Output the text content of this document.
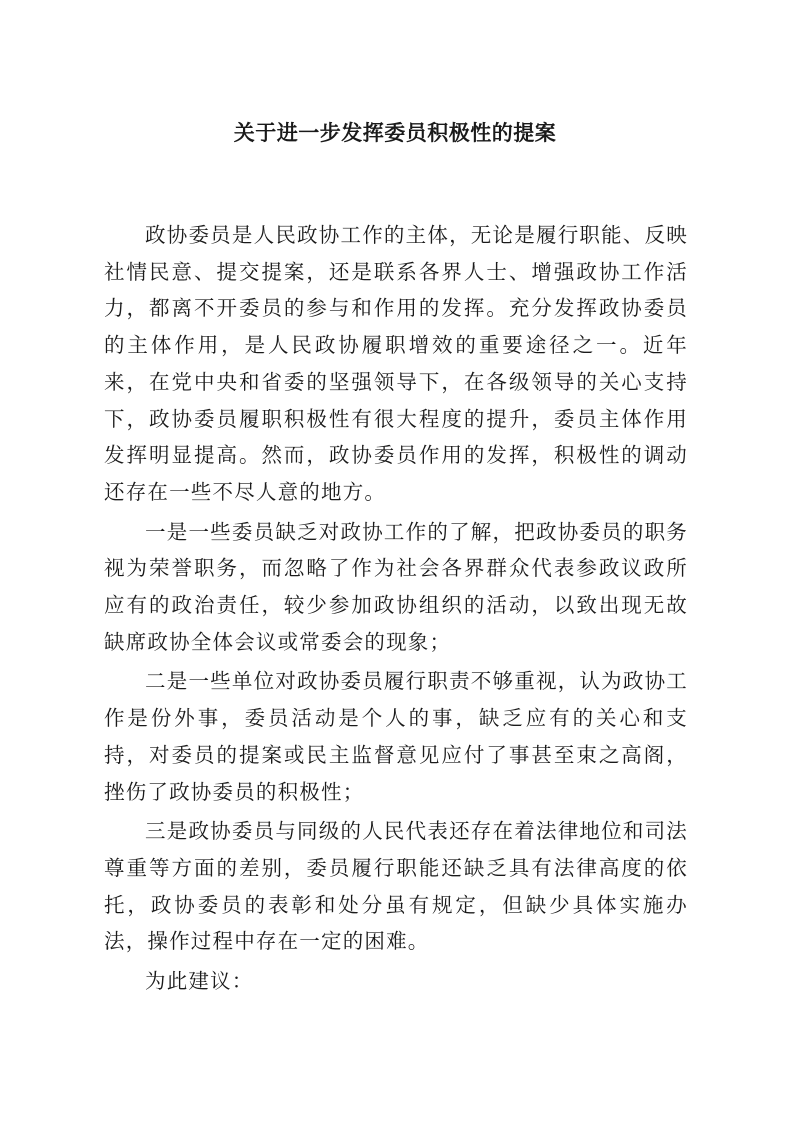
关于进一步发挥委员积极性的提案

政协委员是人民政协工作的主体，无论是履行职能、反映社情民意、提交提案，还是联系各界人士、增强政协工作活力，都离不开委员的参与和作用的发挥。充分发挥政协委员的主体作用，是人民政协履职增效的重要途径之一。近年来，在党中央和省委的坚强领导下，在各级领导的关心支持下，政协委员履职积极性有很大程度的提升，委员主体作用发挥明显提高。然而，政协委员作用的发挥，积极性的调动还存在一些不尽人意的地方。

一是一些委员缺乏对政协工作的了解，把政协委员的职务视为荣誉职务，而忽略了作为社会各界群众代表参政议政所应有的政治责任，较少参加政协组织的活动，以致出现无故缺席政协全体会议或常委会的现象；

二是一些单位对政协委员履行职责不够重视，认为政协工作是份外事，委员活动是个人的事，缺乏应有的关心和支持，对委员的提案或民主监督意见应付了事甚至束之高阁，挫伤了政协委员的积极性；

三是政协委员与同级的人民代表还存在着法律地位和司法尊重等方面的差别，委员履行职能还缺乏具有法律高度的依托，政协委员的表彰和处分虽有规定，但缺少具体实施办法，操作过程中存在一定的困难。

为此建议：
